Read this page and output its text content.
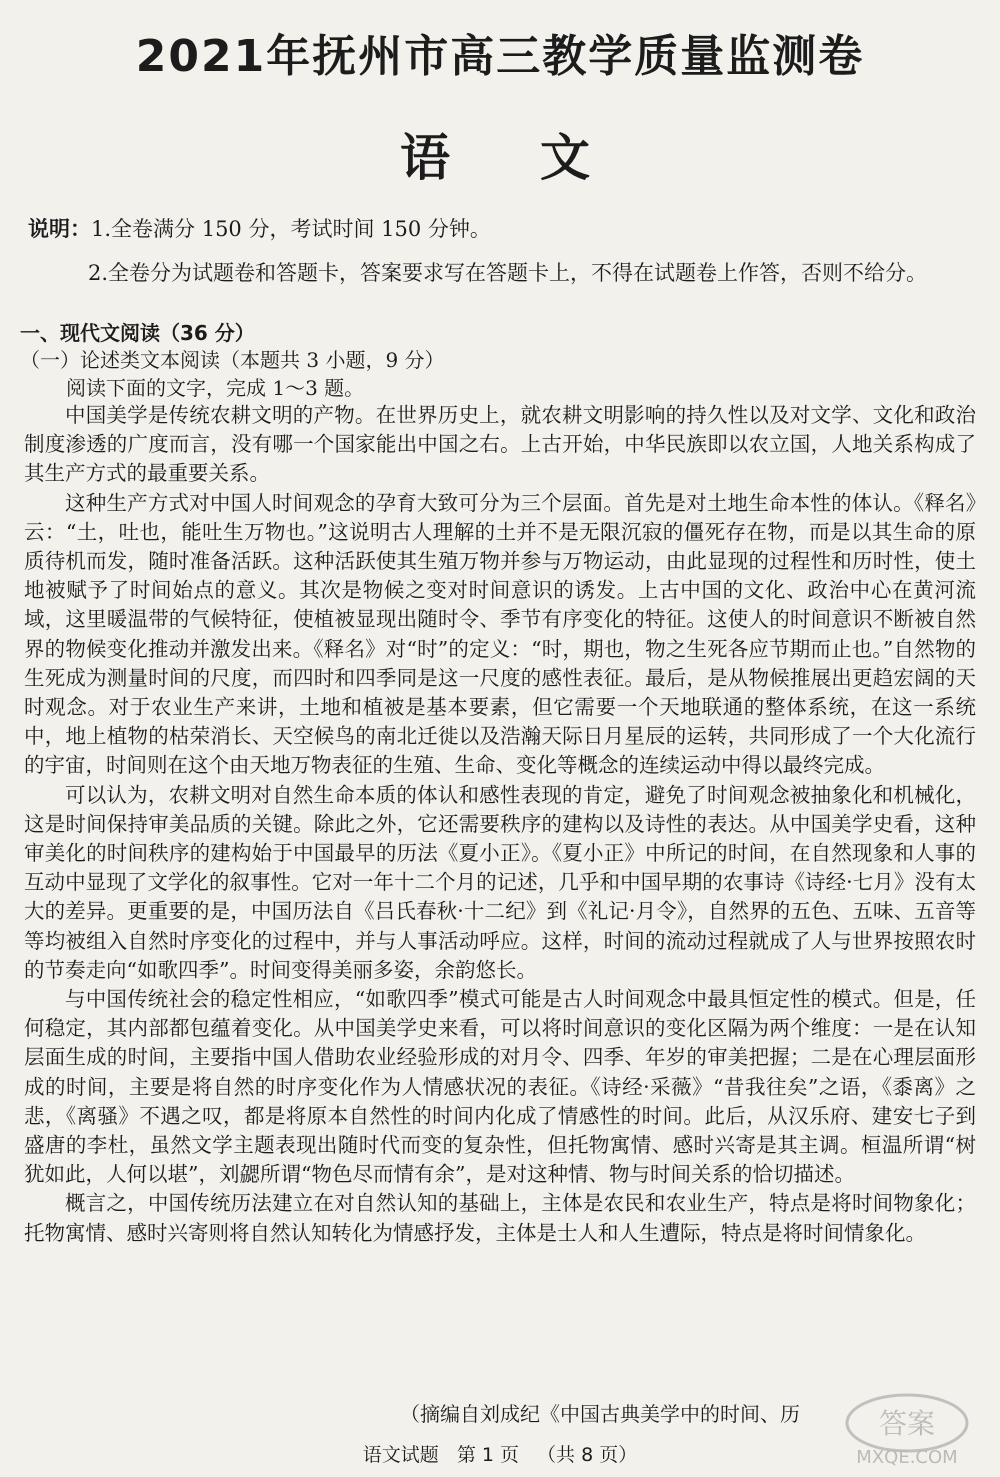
2021年抚州市高三教学质量监测卷
语文
说明：1.全卷满分 150 分，考试时间 150 分钟。
2.全卷分为试题卷和答题卡，答案要求写在答题卡上，不得在试题卷上作答，否则不给分。
一、现代文阅读（36 分）
（一）论述类文本阅读（本题共 3 小题，9 分）
阅读下面的文字，完成 1～3 题。

中国美学是传统农耕文明的产物。在世界历史上，就农耕文明影响的持久性以及对文学、文化和政治制度渗透的广度而言，没有哪一个国家能出中国之右。上古开始，中华民族即以农立国，人地关系构成了其生产方式的最重要关系。

这种生产方式对中国人时间观念的孕育大致可分为三个层面。首先是对土地生命本性的体认。《释名》云：“土，吐也，能吐生万物也。”这说明古人理解的土并不是无限沉寂的僵死存在物，而是以其生命的原质待机而发，随时准备活跃。这种活跃使其生殖万物并参与万物运动，由此显现的过程性和历时性，使土地被赋予了时间始点的意义。其次是物候之变对时间意识的诱发。上古中国的文化、政治中心在黄河流域，这里暖温带的气候特征，使植被显现出随时令、季节有序变化的特征。这使人的时间意识不断被自然界的物候变化推动并激发出来。《释名》对“时”的定义：“时，期也，物之生死各应节期而止也。”自然物的生死成为测量时间的尺度，而四时和四季同是这一尺度的感性表征。最后，是从物候推展出更趋宏阔的天时观念。对于农业生产来讲，土地和植被是基本要素，但它需要一个天地联通的整体系统，在这一系统中，地上植物的枯荣消长、天空候鸟的南北迁徙以及浩瀚天际日月星辰的运转，共同形成了一个大化流行的宇宙，时间则在这个由天地万物表征的生殖、生命、变化等概念的连续运动中得以最终完成。

可以认为，农耕文明对自然生命本质的体认和感性表现的肯定，避免了时间观念被抽象化和机械化，这是时间保持审美品质的关键。除此之外，它还需要秩序的建构以及诗性的表达。从中国美学史看，这种审美化的时间秩序的建构始于中国最早的历法《夏小正》。《夏小正》中所记的时间，在自然现象和人事的互动中显现了文学化的叙事性。它对一年十二个月的记述，几乎和中国早期的农事诗《诗经·七月》没有太大的差异。更重要的是，中国历法自《吕氏春秋·十二纪》到《礼记·月令》，自然界的五色、五味、五音等等均被组入自然时序变化的过程中，并与人事活动呼应。这样，时间的流动过程就成了人与世界按照农时的节奏走向“如歌四季”。时间变得美丽多姿，余韵悠长。

与中国传统社会的稳定性相应，“如歌四季”模式可能是古人时间观念中最具恒定性的模式。但是，任何稳定，其内部都包蕴着变化。从中国美学史来看，可以将时间意识的变化区隔为两个维度：一是在认知层面生成的时间，主要指中国人借助农业经验形成的对月令、四季、年岁的审美把握；二是在心理层面形成的时间，主要是将自然的时序变化作为人情感状况的表征。《诗经·采薇》“昔我往矣”之语，《黍离》之悲，《离骚》不遇之叹，都是将原本自然性的时间内化成了情感性的时间。此后，从汉乐府、建安七子到盛唐的李杜，虽然文学主题表现出随时代而变的复杂性，但托物寓情、感时兴寄是其主调。桓温所谓“树犹如此，人何以堪”，刘勰所谓“物色尽而情有余”，是对这种情、物与时间关系的恰切描述。

概言之，中国传统历法建立在对自然认知的基础上，主体是农民和农业生产，特点是将时间物象化；托物寓情、感时兴寄则将自然认知转化为情感抒发，主体是士人和人生遭际，特点是将时间情象化。

（摘编自刘成纪《中国古典美学中的时间、历
语文试题 第 1 页 （共 8 页）
答案
MXQE.COM
